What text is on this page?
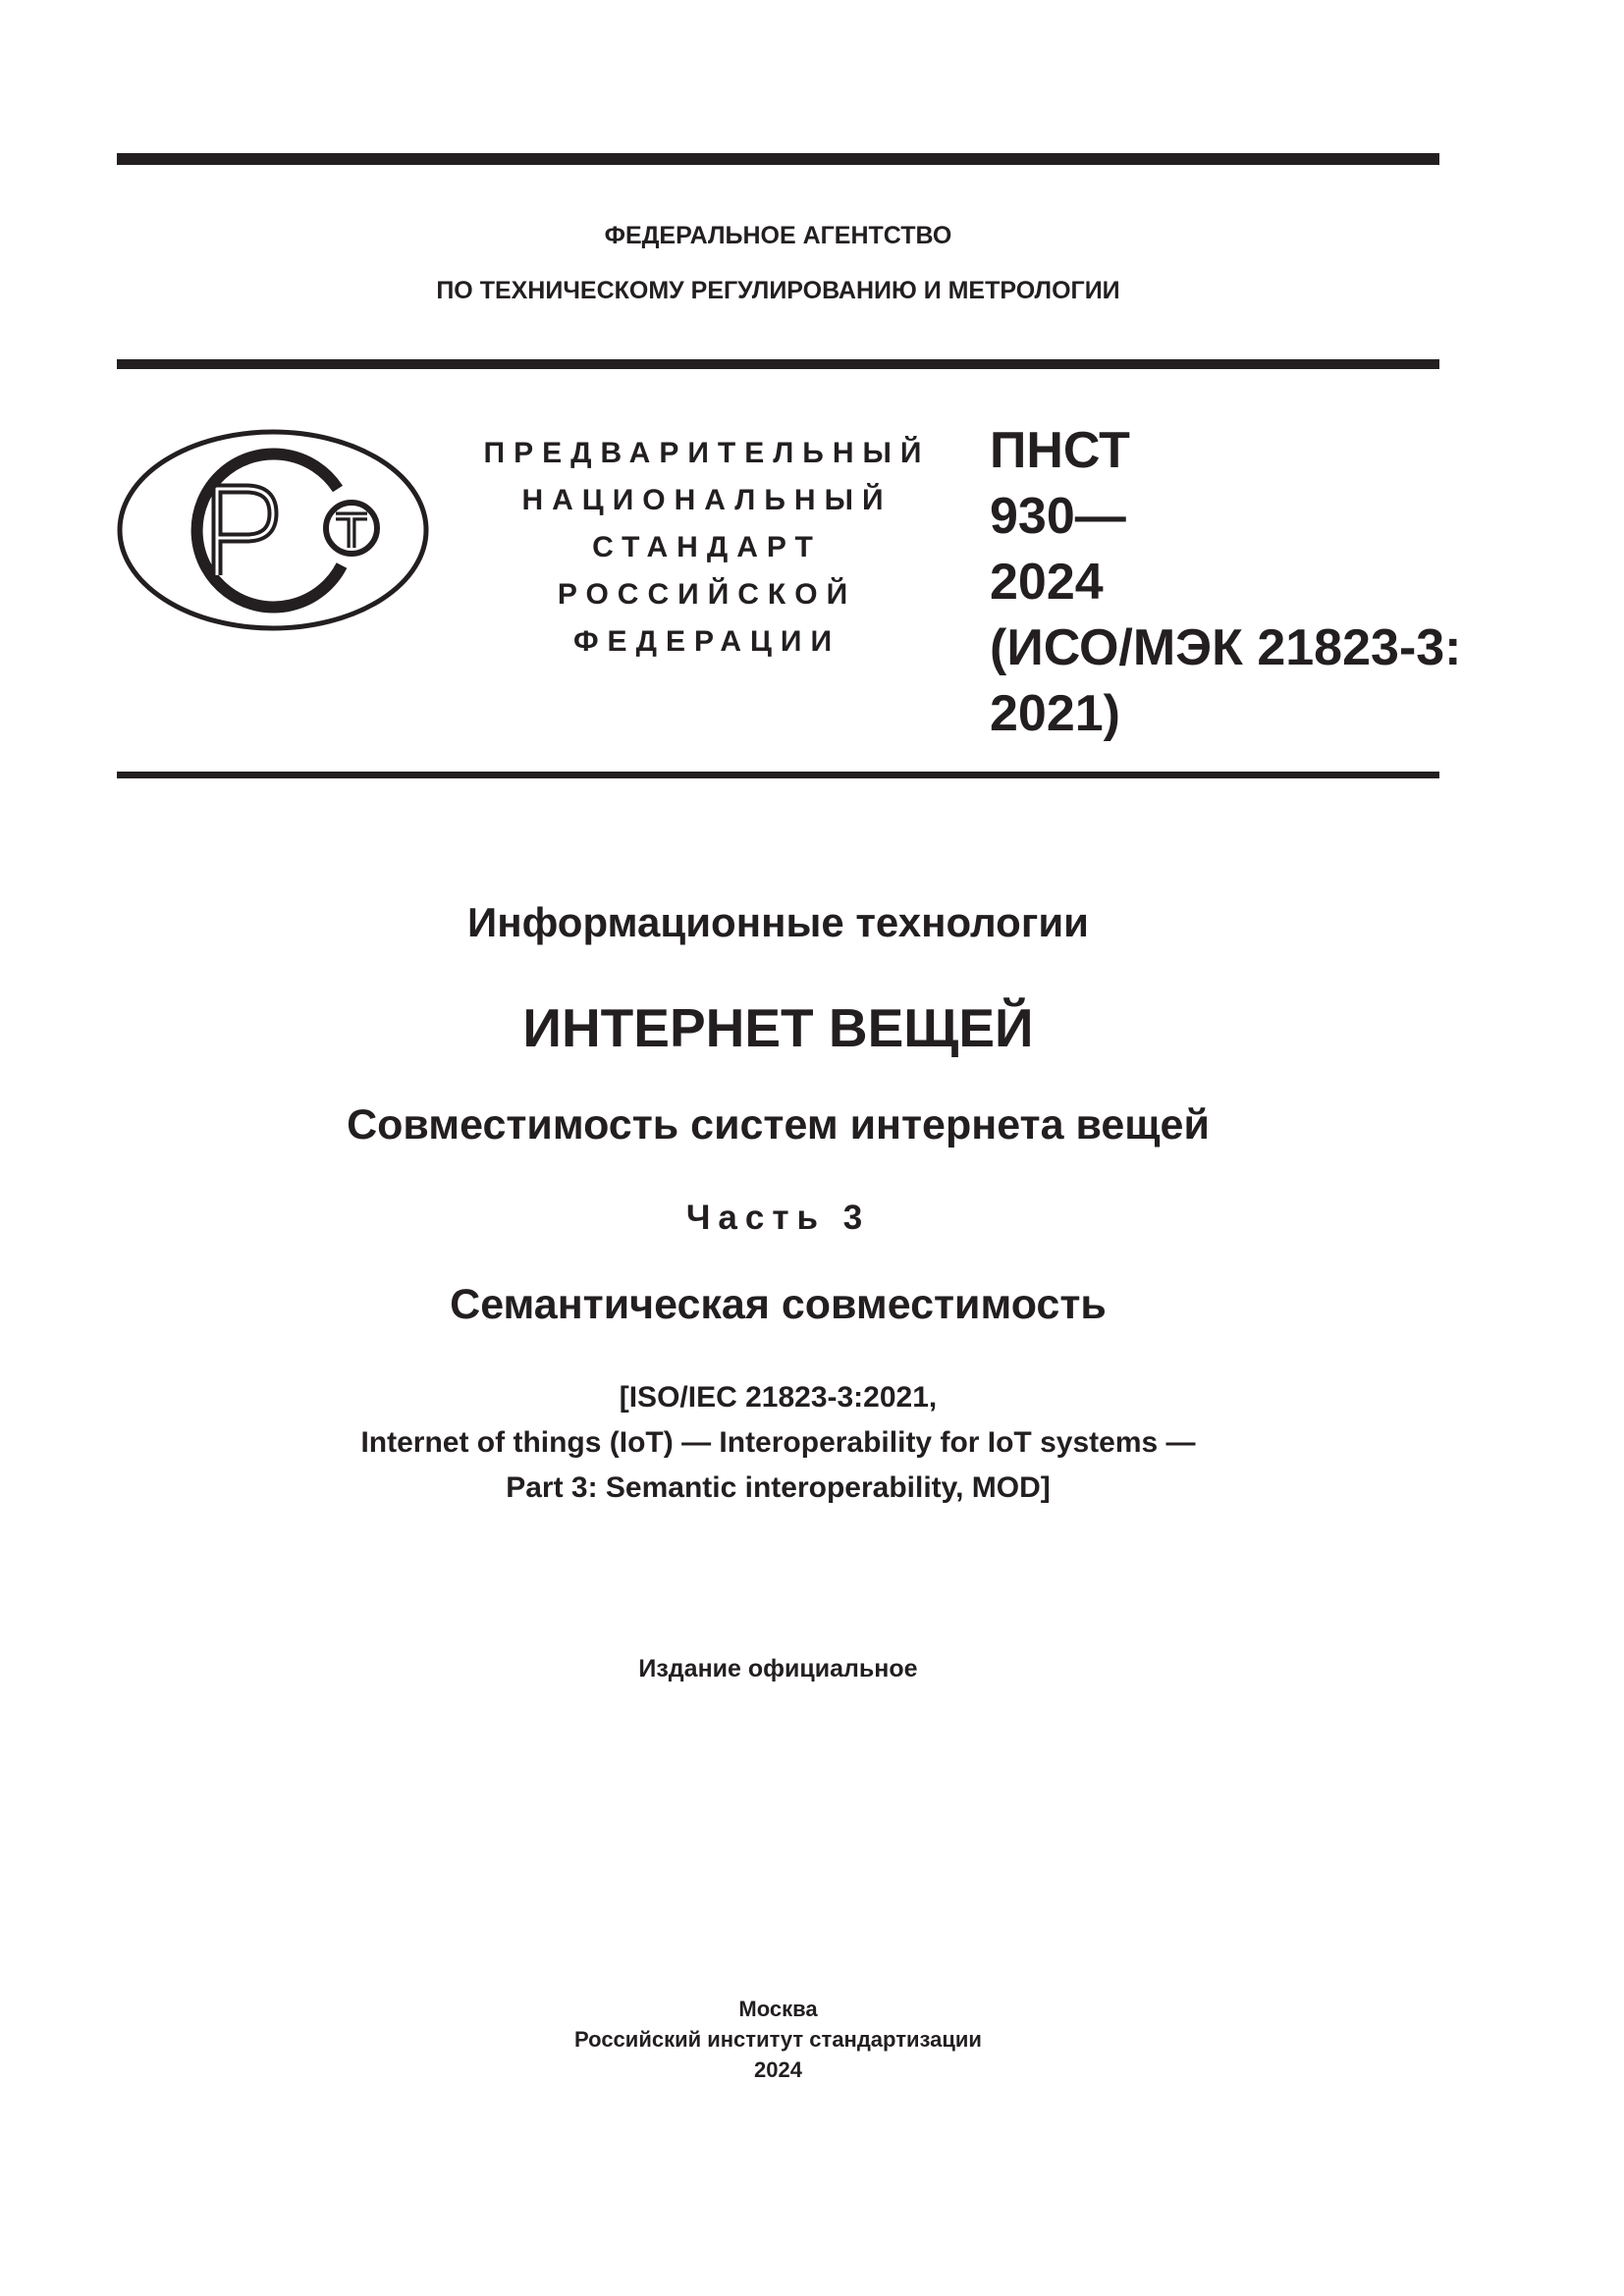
ФЕДЕРАЛЬНОЕ АГЕНТСТВО
ПО ТЕХНИЧЕСКОМУ РЕГУЛИРОВАНИЮ И МЕТРОЛОГИИ
ПРЕДВАРИТЕЛЬНЫЙ
НАЦИОНАЛЬНЫЙ
СТАНДАРТ
РОССИЙСКОЙ
ФЕДЕРАЦИИ
ПНСТ
930—
2024
(ИСО/МЭК 21823-3:
2021)
Информационные технологии
ИНТЕРНЕТ ВЕЩЕЙ
Совместимость систем интернета вещей
Часть 3
Семантическая совместимость
[ISO/IEC 21823-3:2021,
Internet of things (IoT) — Interoperability for IoT systems —
Part 3: Semantic interoperability, MOD]
Издание официальное
Москва
Российский институт стандартизации
2024
